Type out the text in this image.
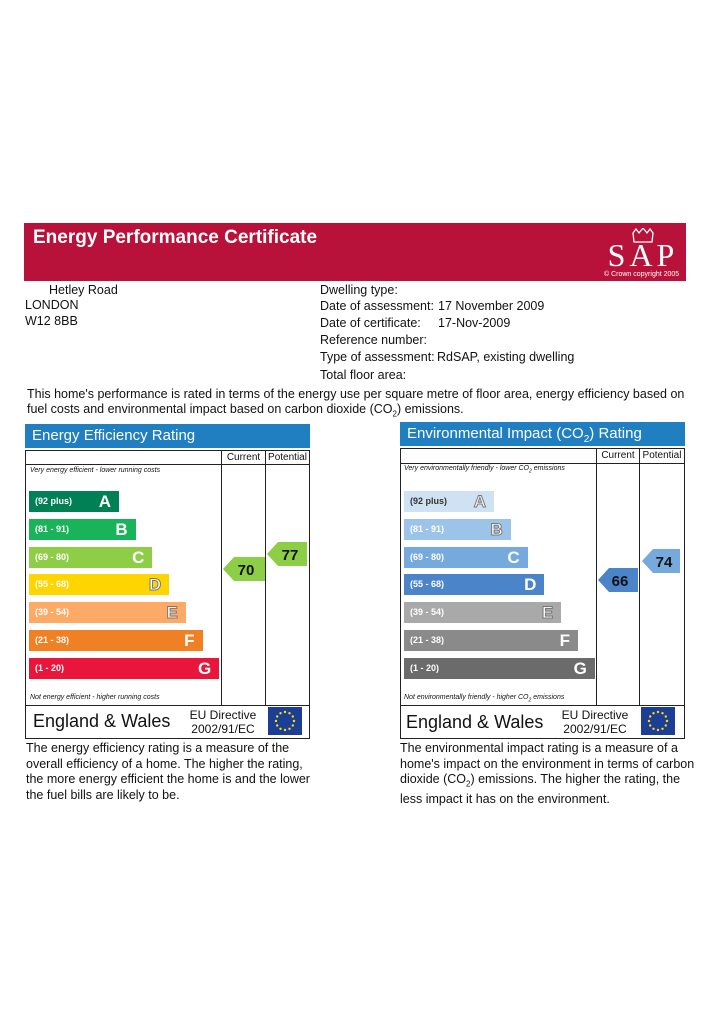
Energy Performance Certificate	SAP
© Crown copyright 2005
Hetley Road
LONDON
W12 8BB
Dwelling type:
Date of assessment: 17 November 2009
Date of certificate: 17-Nov-2009
Reference number:
Type of assessment: RdSAP, existing dwelling
Total floor area:
This home's performance is rated in terms of the energy use per square metre of floor area, energy efficiency based on fuel costs and environmental impact based on carbon dioxide $(CO_2)$ emissions.
Energy Efficiency Rating
Current Potential
Very energy efficient - lower running costs
Not energy efficient - higher running costs
(92 plus) A
(81 - 91)	B
(69 - 80)	C
(55 - 68)	D
(39 - 54)	E
(21 - 38)	F
(1 - 20)	G
70
77
England & Wales	EU Directive
2002/91/EC
The energy efficiency rating is a measure of the overall efficiency of a home. The higher the rating, the more energy efficient the home is and the lower the fuel bills are likely to be.
Environmental Impact $(CO_2)$ Rating
Current Potential
Very environmentally friendly - lower $CO_2$ emissions
Not environmentally friendly - higher $CO_2$ emissions
(92 plus) A
(81 - 91)	B
(69 - 80)	C
(55 - 68)	D
(39 - 54)	E
(21 - 38)	F
(1 - 20)	G
66
74
England & Wales	EU Directive
2002/91/EC
The environmental impact rating is a measure of a home's impact on the environment in terms of carbon dioxide $(CO_2)$ emissions. The higher the rating, the less impact it has on the environment.
